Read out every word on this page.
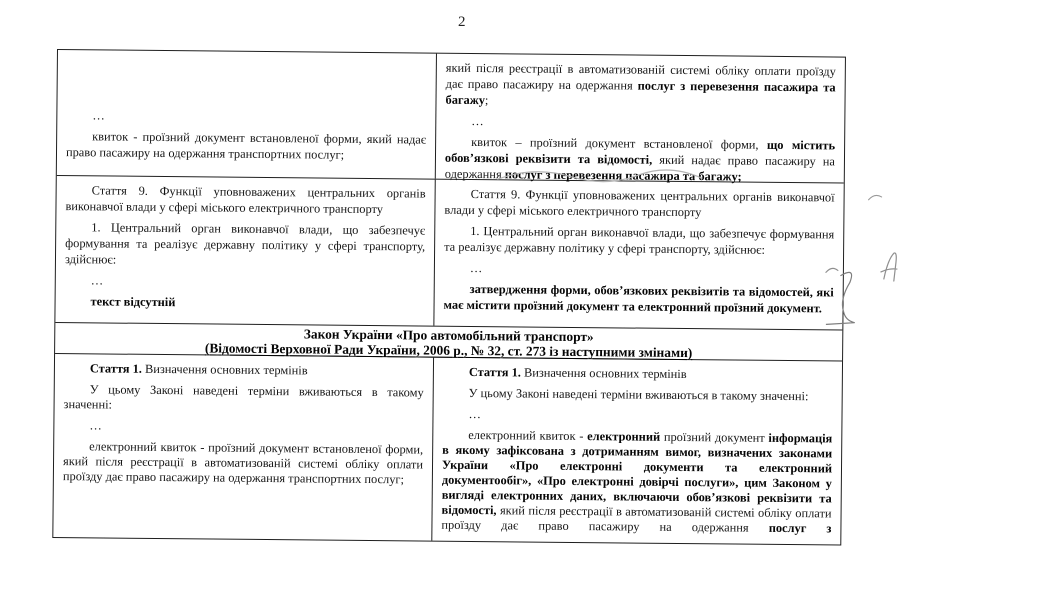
2

…

квиток - проїзний документ встановленої форми, який надає право пасажиру на одержання транспортних послуг;

який після реєстрації в автоматизованій системі обліку оплати проїзду дає право пасажиру на одержання послуг з перевезення пасажира та багажу;

…

квиток – проїзний документ встановленої форми, що містить обов’язкові реквізити та відомості, який надає право пасажиру на одержання послуг з перевезення пасажира та багажу;

Стаття 9. Функції уповноважених центральних органів виконавчої влади у сфері міського електричного транспорту

1. Центральний орган виконавчої влади, що забезпечує формування та реалізує державну політику у сфері транспорту, здійснює:

…

текст відсутній

Стаття 9. Функції уповноважених центральних органів виконавчої влади у сфері міського електричного транспорту

1. Центральний орган виконавчої влади, що забезпечує формування та реалізує державну політику у сфері транспорту, здійснює:

…

затвердження форми, обов’язкових реквізитів та відомостей, які має містити проїзний документ та електронний проїзний документ.

Закон України «Про автомобільний транспорт»
(Відомості Верховної Ради України, 2006 р., № 32, ст. 273 із наступними змінами)

Стаття 1. Визначення основних термінів

У цьому Законі наведені терміни вживаються в такому значенні:

…

електронний квиток - проїзний документ встановленої форми, який після реєстрації в автоматизованій системі обліку оплати проїзду дає право пасажиру на одержання транспортних послуг;

Стаття 1. Визначення основних термінів

У цьому Законі наведені терміни вживаються в такому значенні:

…

електронний квиток - електронний проїзний документ інформація в якому зафіксована з дотриманням вимог, визначених законами України «Про електронні документи та електронний документообіг», «Про електронні довірчі послуги», цим Законом у вигляді електронних даних, включаючи обов’язкові реквізити та відомості, який після реєстрації в автоматизованій системі обліку оплати проїзду дає право пасажиру на одержання послуг з
